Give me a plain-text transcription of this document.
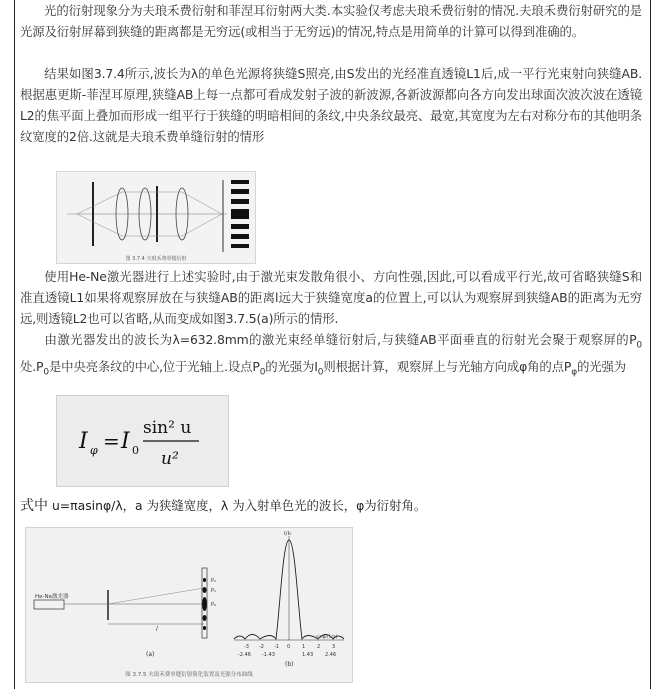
光的衍射现象分为夫琅禾费衍射和菲涅耳衍射两大类.本实验仅考虑夫琅禾费衍射的情况.夫琅禾费衍射研究的是光源及衍射屏幕到狭缝的距离都是无穷远(或相当于无穷远)的情况,特点是用简单的计算可以得到准确的。

结果如图3.7.4所示,波长为λ的单色光源将狭缝S照亮,由S发出的光经准直透镜L1后,成一平行光束射向狭缝AB.根据惠更斯-菲涅耳原理,狭缝AB上每一点都可看成发射子波的新波源,各新波源都向各方向发出球面次波次波在透镜L2的焦平面上叠加而形成一组平行于狭缝的明暗相间的条纹,中央条纹最亮、最宽,其宽度为左右对称分布的其他明条纹宽度的2倍.这就是夫琅禾费单缝衍射的情形

图 3.7.4 夫琅禾费单缝衍射

使用He-Ne激光器进行上述实验时,由于激光束发散角很小、方向性强,因此,可以看成平行光,故可省略狭缝S和准直透镜L1如果将观察屏放在与狭缝AB的距离l远大于狭缝宽度a的位置上,可以认为观察屏到狭缝AB的距离为无穷远,则透镜L2也可以省略,从而变成如图3.7.5(a)所示的情形.

由激光器发出的波长为λ=632.8mm的激光束经单缝衍射后,与狭缝AB平面垂直的衍射光会聚于观察屏的$P_0$处$.P_0$是中央亮条纹的中心,位于光轴上.设点$P_0$的光强为$I_0$则根据计算，观察屏上与光轴方向成φ角的点$P_\varphi$的光强为

I φ = I 0
sin² u
u²
式中 u=πasinφ/λ，a 为狭缝宽度，λ 为入射单色光的波长，φ为衍射角。
He-Ne激光器
l
P₀
P₁
P₂
(a)
I/I₀
-3 -2 -1 0 1 2 3
-2.46 -1.43	1.43 2.46
sinφ/(λ/a)
(b)
图 3.7.5 夫琅禾费单缝衍射简化装置及光强分布曲线
